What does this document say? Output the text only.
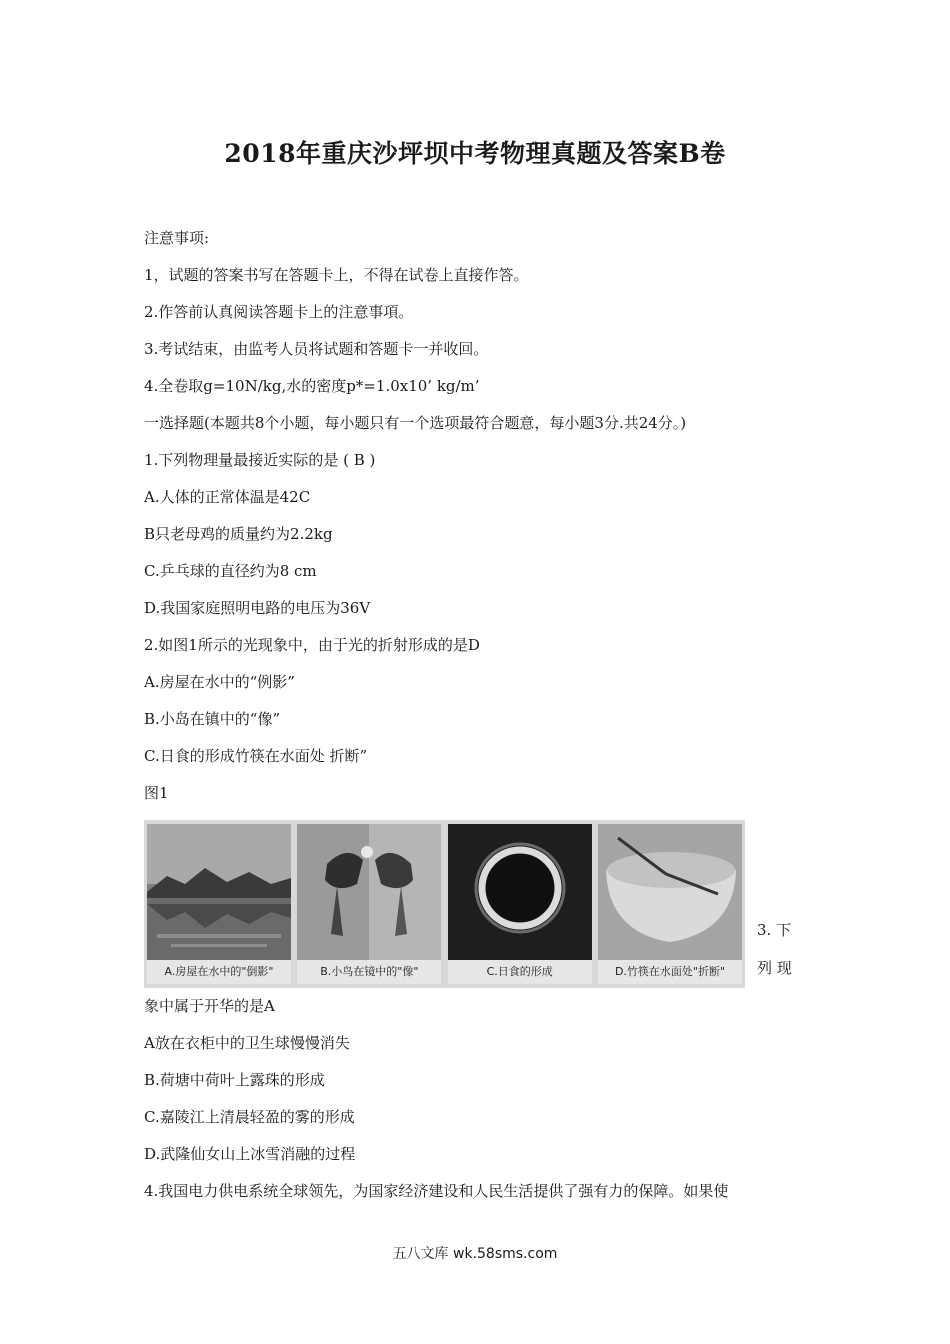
2018年重庆沙坪坝中考物理真题及答案B卷
注意事项:
1，试题的答案书写在答题卡上，不得在试卷上直接作答。
2.作答前认真阅读答题卡上的注意事項。
3.考试结束，由监考人员将试题和答题卡一并收回。
4.全卷取g=10N/kg,水的密度p*=1.0x10’ kg/m’
一选择题(本题共8个小题，每小题只有一个选项最符合题意，每小题3分.共24分。)
1.下列物理量最接近实际的是 ( B )
A.人体的正常体温是42C
B只老母鸡的质量约为2.2kg
C.乒乓球的直径约为8 cm
D.我国家庭照明电路的电压为36V
2.如图1所示的光现象中，由于光的折射形成的是D
A.房屋在水中的“例影”
B.小岛在镇中的“像”
C.日食的形成竹筷在水面处 折断”
图1
A.房屋在水中的"倒影"	B.小鸟在镜中的"像"	C.日食的形成	D.竹筷在水面处"折断"
3. 下
列 现
象中属于开华的是A
A放在衣柜中的卫生球慢慢消失
B.荷塘中荷叶上露珠的形成
C.嘉陵江上清晨轻盈的雾的形成
D.武隆仙女山上冰雪消融的过程
4.我国电力供电系统全球领先，为国家经济建设和人民生活提供了强有力的保障。如果使
五八文库 wk.58sms.com
